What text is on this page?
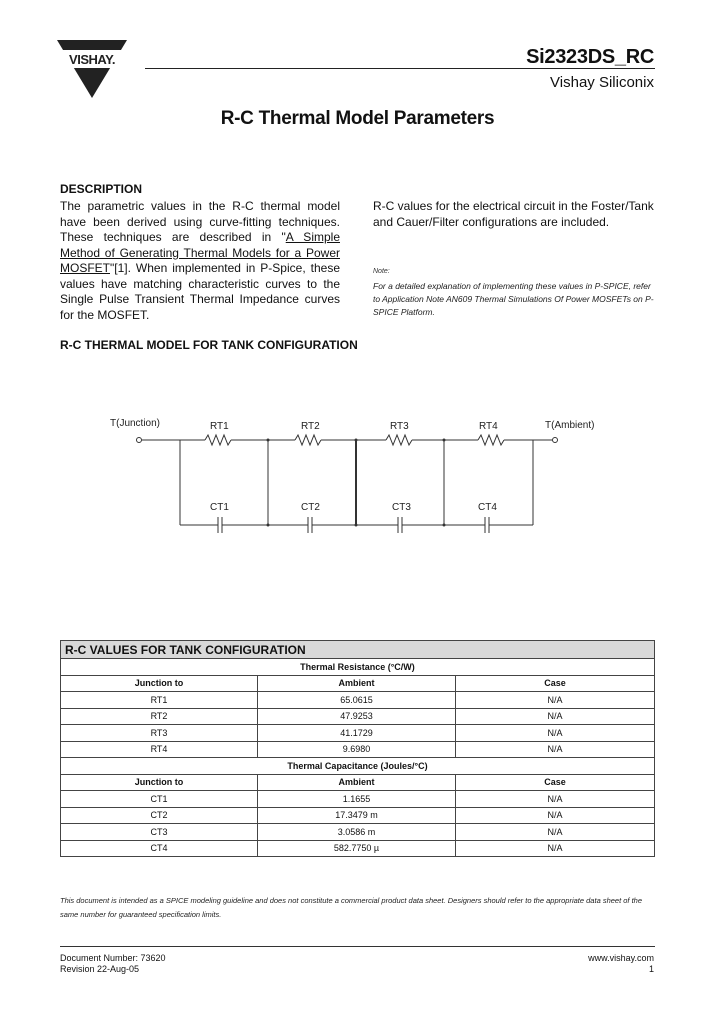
VISHAY.	Si2323DS_RC
Vishay Siliconix
R-C Thermal Model Parameters
DESCRIPTION
The parametric values in the R-C thermal model have been derived using curve-fitting techniques. These techniques are described in "A Simple Method of Generating Thermal Models for a Power MOSFET"[1]. When implemented in P-Spice, these values have matching characteristic curves to the Single Pulse Transient Thermal Impedance curves for the MOSFET.
R-C values for the electrical circuit in the Foster/Tank and Cauer/Filter configurations are included.
Note:
For a detailed explanation of implementing these values in P-SPICE, refer to Application Note AN609 Thermal Simulations Of Power MOSFETs on P-SPICE Platform.
R-C THERMAL MODEL FOR TANK CONFIGURATION
T(Junction)	T(Ambient)
RT1	RT2	RT3	RT4
CT1	CT2	CT3	CT4
R-C VALUES FOR TANK CONFIGURATION		
Thermal Resistance (°C/W)		
Junction to	Ambient	Case
RT1	65.0615	N/A
RT2	47.9253	N/A
RT3	41.1729	N/A
RT4	9.6980	N/A
Thermal Capacitance (Joules/°C)		
Junction to	Ambient	Case
CT1	1.1655	N/A
CT2	17.3479 m	N/A
CT3	3.0586 m	N/A
CT4	582.7750 µ	N/A
This document is intended as a SPICE modeling guideline and does not constitute a commercial product data sheet. Designers should refer to the appropriate data sheet of the same number for guaranteed specification limits.
Document Number: 73620
Revision 22-Aug-05
www.vishay.com
1
